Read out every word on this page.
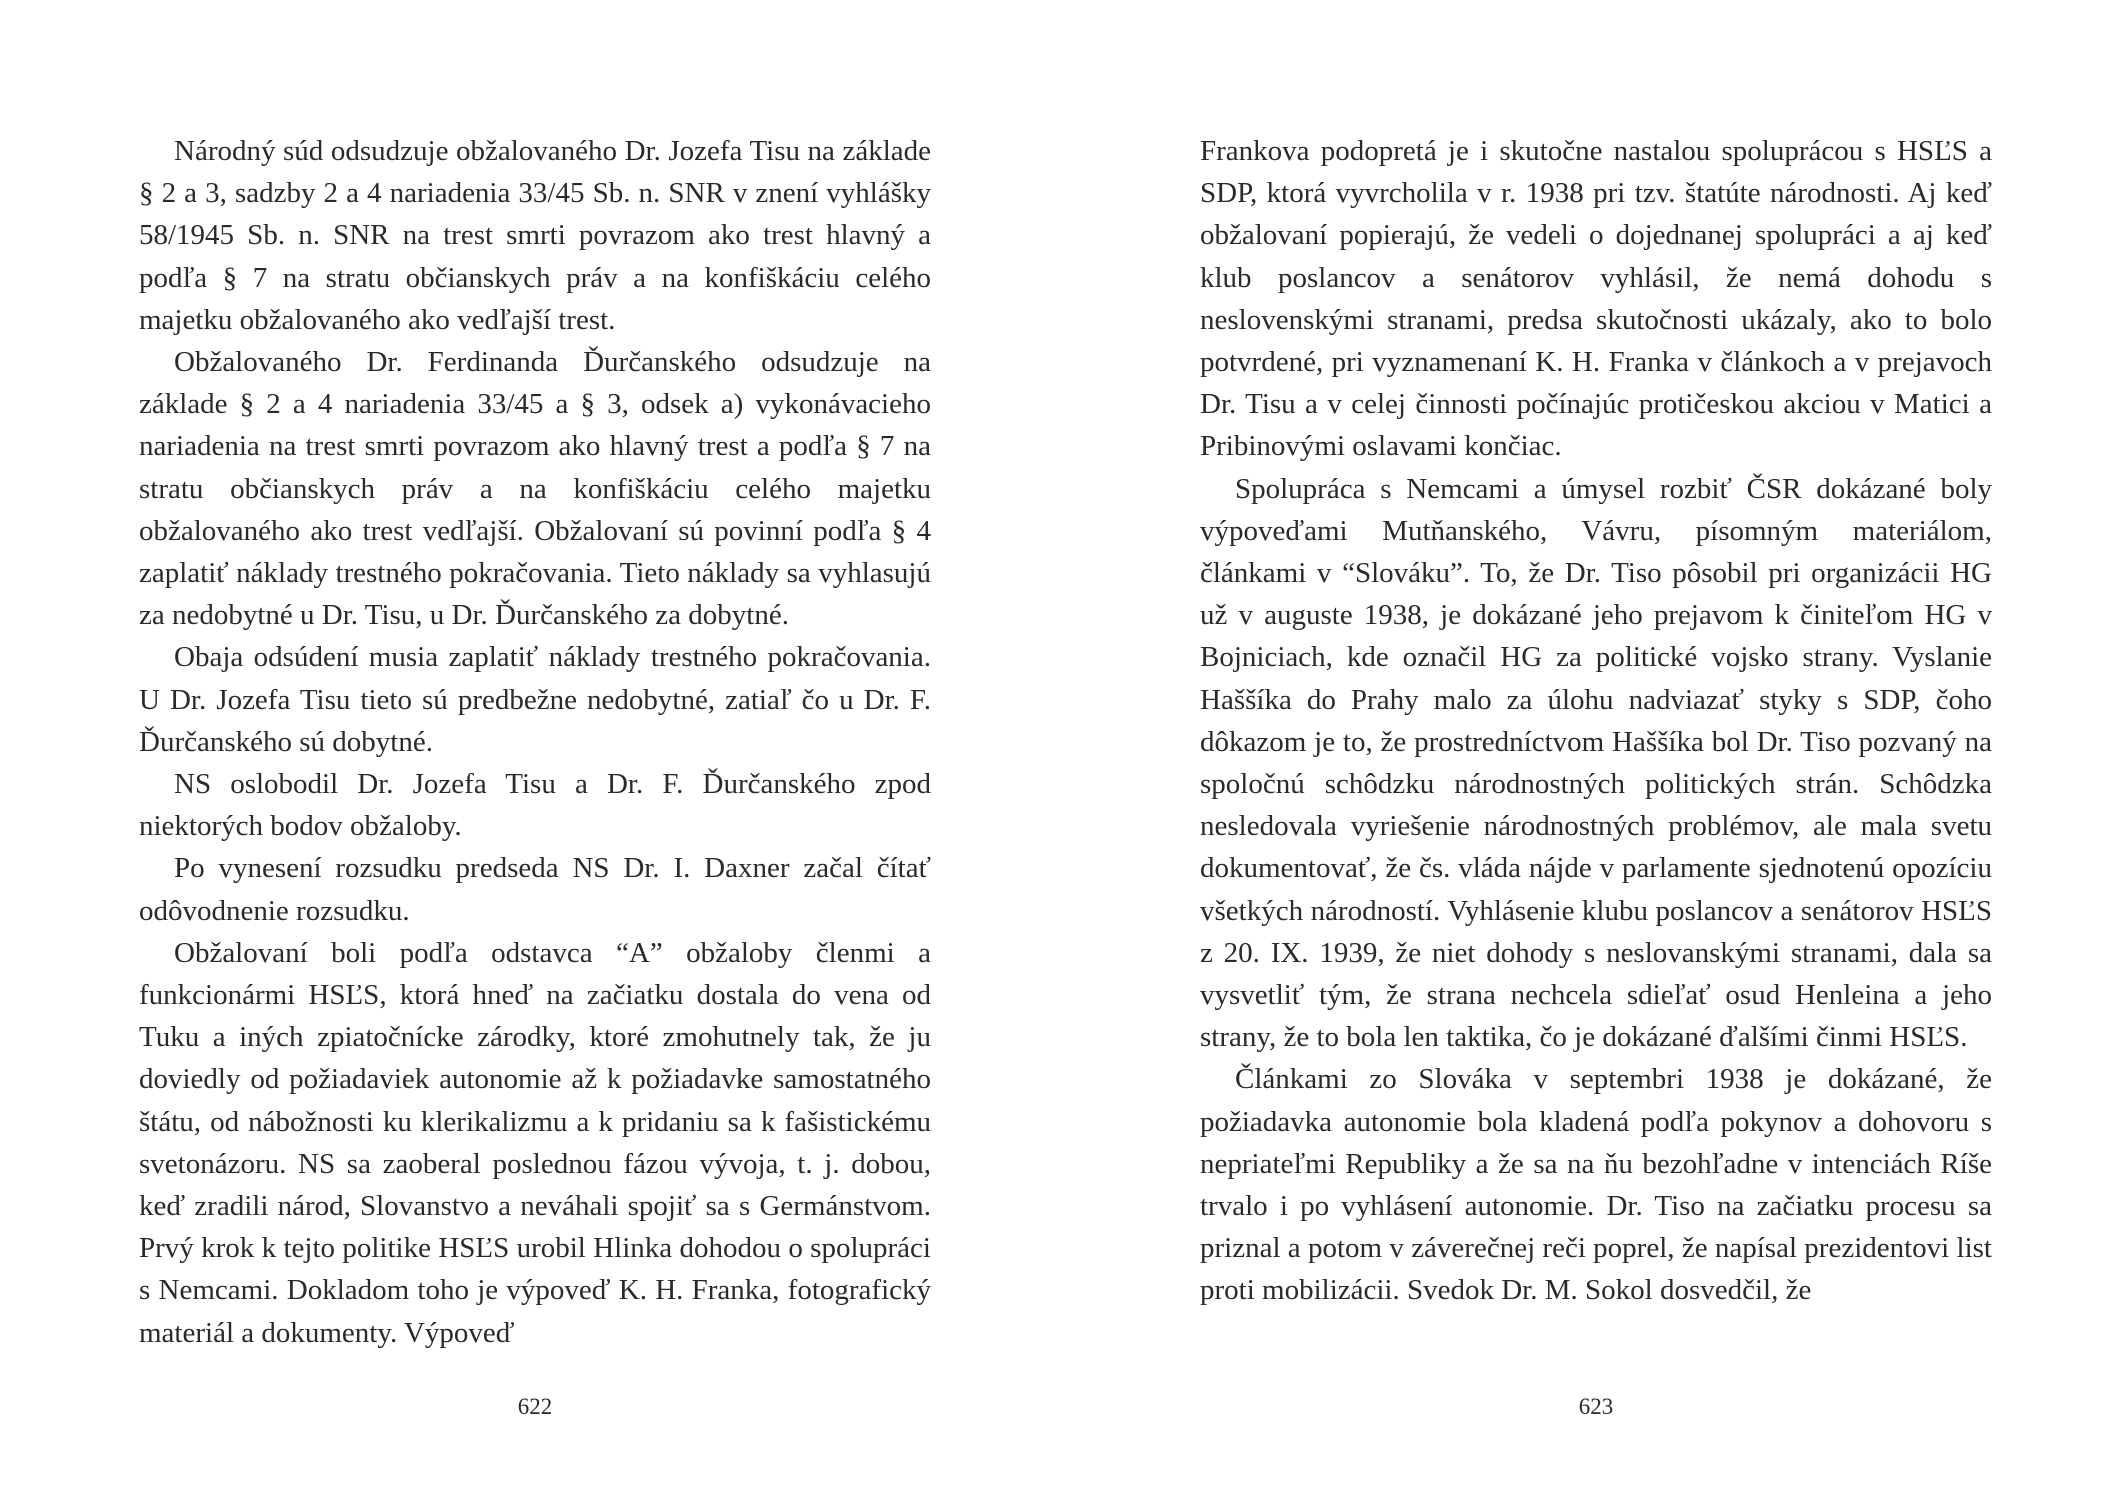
Národný súd odsudzuje obžalovaného Dr. Jozefa Tisu na základe § 2 a 3, sadzby 2 a 4 nariadenia 33/45 Sb. n. SNR v znení vyhlášky 58/1945 Sb. n. SNR na trest smrti povrazom ako trest hlavný a podľa § 7 na stratu občianskych práv a na konfiškáciu celého majetku obžalovaného ako vedľajší trest.

Obžalovaného Dr. Ferdinanda Ďurčanského odsudzuje na základe § 2 a 4 nariadenia 33/45 a § 3, odsek a) vykonávacieho nariadenia na trest smrti povrazom ako hlavný trest a podľa § 7 na stratu občianskych práv a na konfiškáciu celého majetku obžalovaného ako trest vedľajší. Obžalovaní sú povinní podľa § 4 zaplatiť náklady trestného pokračovania. Tieto náklady sa vyhlasujú za nedobytné u Dr. Tisu, u Dr. Ďurčanského za dobytné.

Obaja odsúdení musia zaplatiť náklady trestného pokračovania. U Dr. Jozefa Tisu tieto sú predbežne nedobytné, zatiaľ čo u Dr. F. Ďurčanského sú dobytné.

NS oslobodil Dr. Jozefa Tisu a Dr. F. Ďurčanského zpod niektorých bodov obžaloby.

Po vynesení rozsudku predseda NS Dr. I. Daxner začal čítať odôvodnenie rozsudku.

Obžalovaní boli podľa odstavca “A” obžaloby členmi a funkcionármi HSĽS, ktorá hneď na začiatku dostala do vena od Tuku a iných zpiatočnícke zárodky, ktoré zmohutnely tak, že ju doviedly od požiadaviek autonomie až k požiadavke samostatného štátu, od nábožnosti ku klerikalizmu a k pridaniu sa k fašistickému svetonázoru. NS sa zaoberal poslednou fázou vývoja, t. j. dobou, keď zradili národ, Slovanstvo a neváhali spojiť sa s Germánstvom. Prvý krok k tejto politike HSĽS urobil Hlinka dohodou o spolupráci s Nemcami. Dokladom toho je výpoveď K. H. Franka, fotografický materiál a dokumenty. Výpoveď

622

Frankova podopretá je i skutočne nastalou spoluprácou s HSĽS a SDP, ktorá vyvrcholila v r. 1938 pri tzv. štatúte národnosti. Aj keď obžalovaní popierajú, že vedeli o dojednanej spolupráci a aj keď klub poslancov a senátorov vyhlásil, že nemá dohodu s neslovenskými stranami, predsa skutočnosti ukázaly, ako to bolo potvrdené, pri vyznamenaní K. H. Franka v článkoch a v prejavoch Dr. Tisu a v celej činnosti počínajúc protičeskou akciou v Matici a Pribinovými oslavami končiac.

Spolupráca s Nemcami a úmysel rozbiť ČSR dokázané boly výpoveďami Mutňanského, Vávru, písomným materiálom, článkami v “Slováku”. To, že Dr. Tiso pôsobil pri organizácii HG už v auguste 1938, je dokázané jeho prejavom k činiteľom HG v Bojniciach, kde označil HG za politické vojsko strany. Vyslanie Haššíka do Prahy malo za úlohu nadviazať styky s SDP, čoho dôkazom je to, že prostredníctvom Haššíka bol Dr. Tiso pozvaný na spoločnú schôdzku národnostných politických strán. Schôdzka nesledovala vyriešenie národnostných problémov, ale mala svetu dokumentovať, že čs. vláda nájde v parlamente sjednotenú opozíciu všetkých národností. Vyhlásenie klubu poslancov a senátorov HSĽS z 20. IX. 1939, že niet dohody s neslovanskými stranami, dala sa vysvetliť tým, že strana nechcela sdieľať osud Henleina a jeho strany, že to bola len taktika, čo je dokázané ďalšími činmi HSĽS.

Článkami zo Slováka v septembri 1938 je dokázané, že požiadavka autonomie bola kladená podľa pokynov a dohovoru s nepriateľmi Republiky a že sa na ňu bezohľadne v intenciách Ríše trvalo i po vyhlásení autonomie. Dr. Tiso na začiatku procesu sa priznal a potom v záverečnej reči poprel, že napísal prezidentovi list proti mobilizácii. Svedok Dr. M. Sokol dosvedčil, že

623
